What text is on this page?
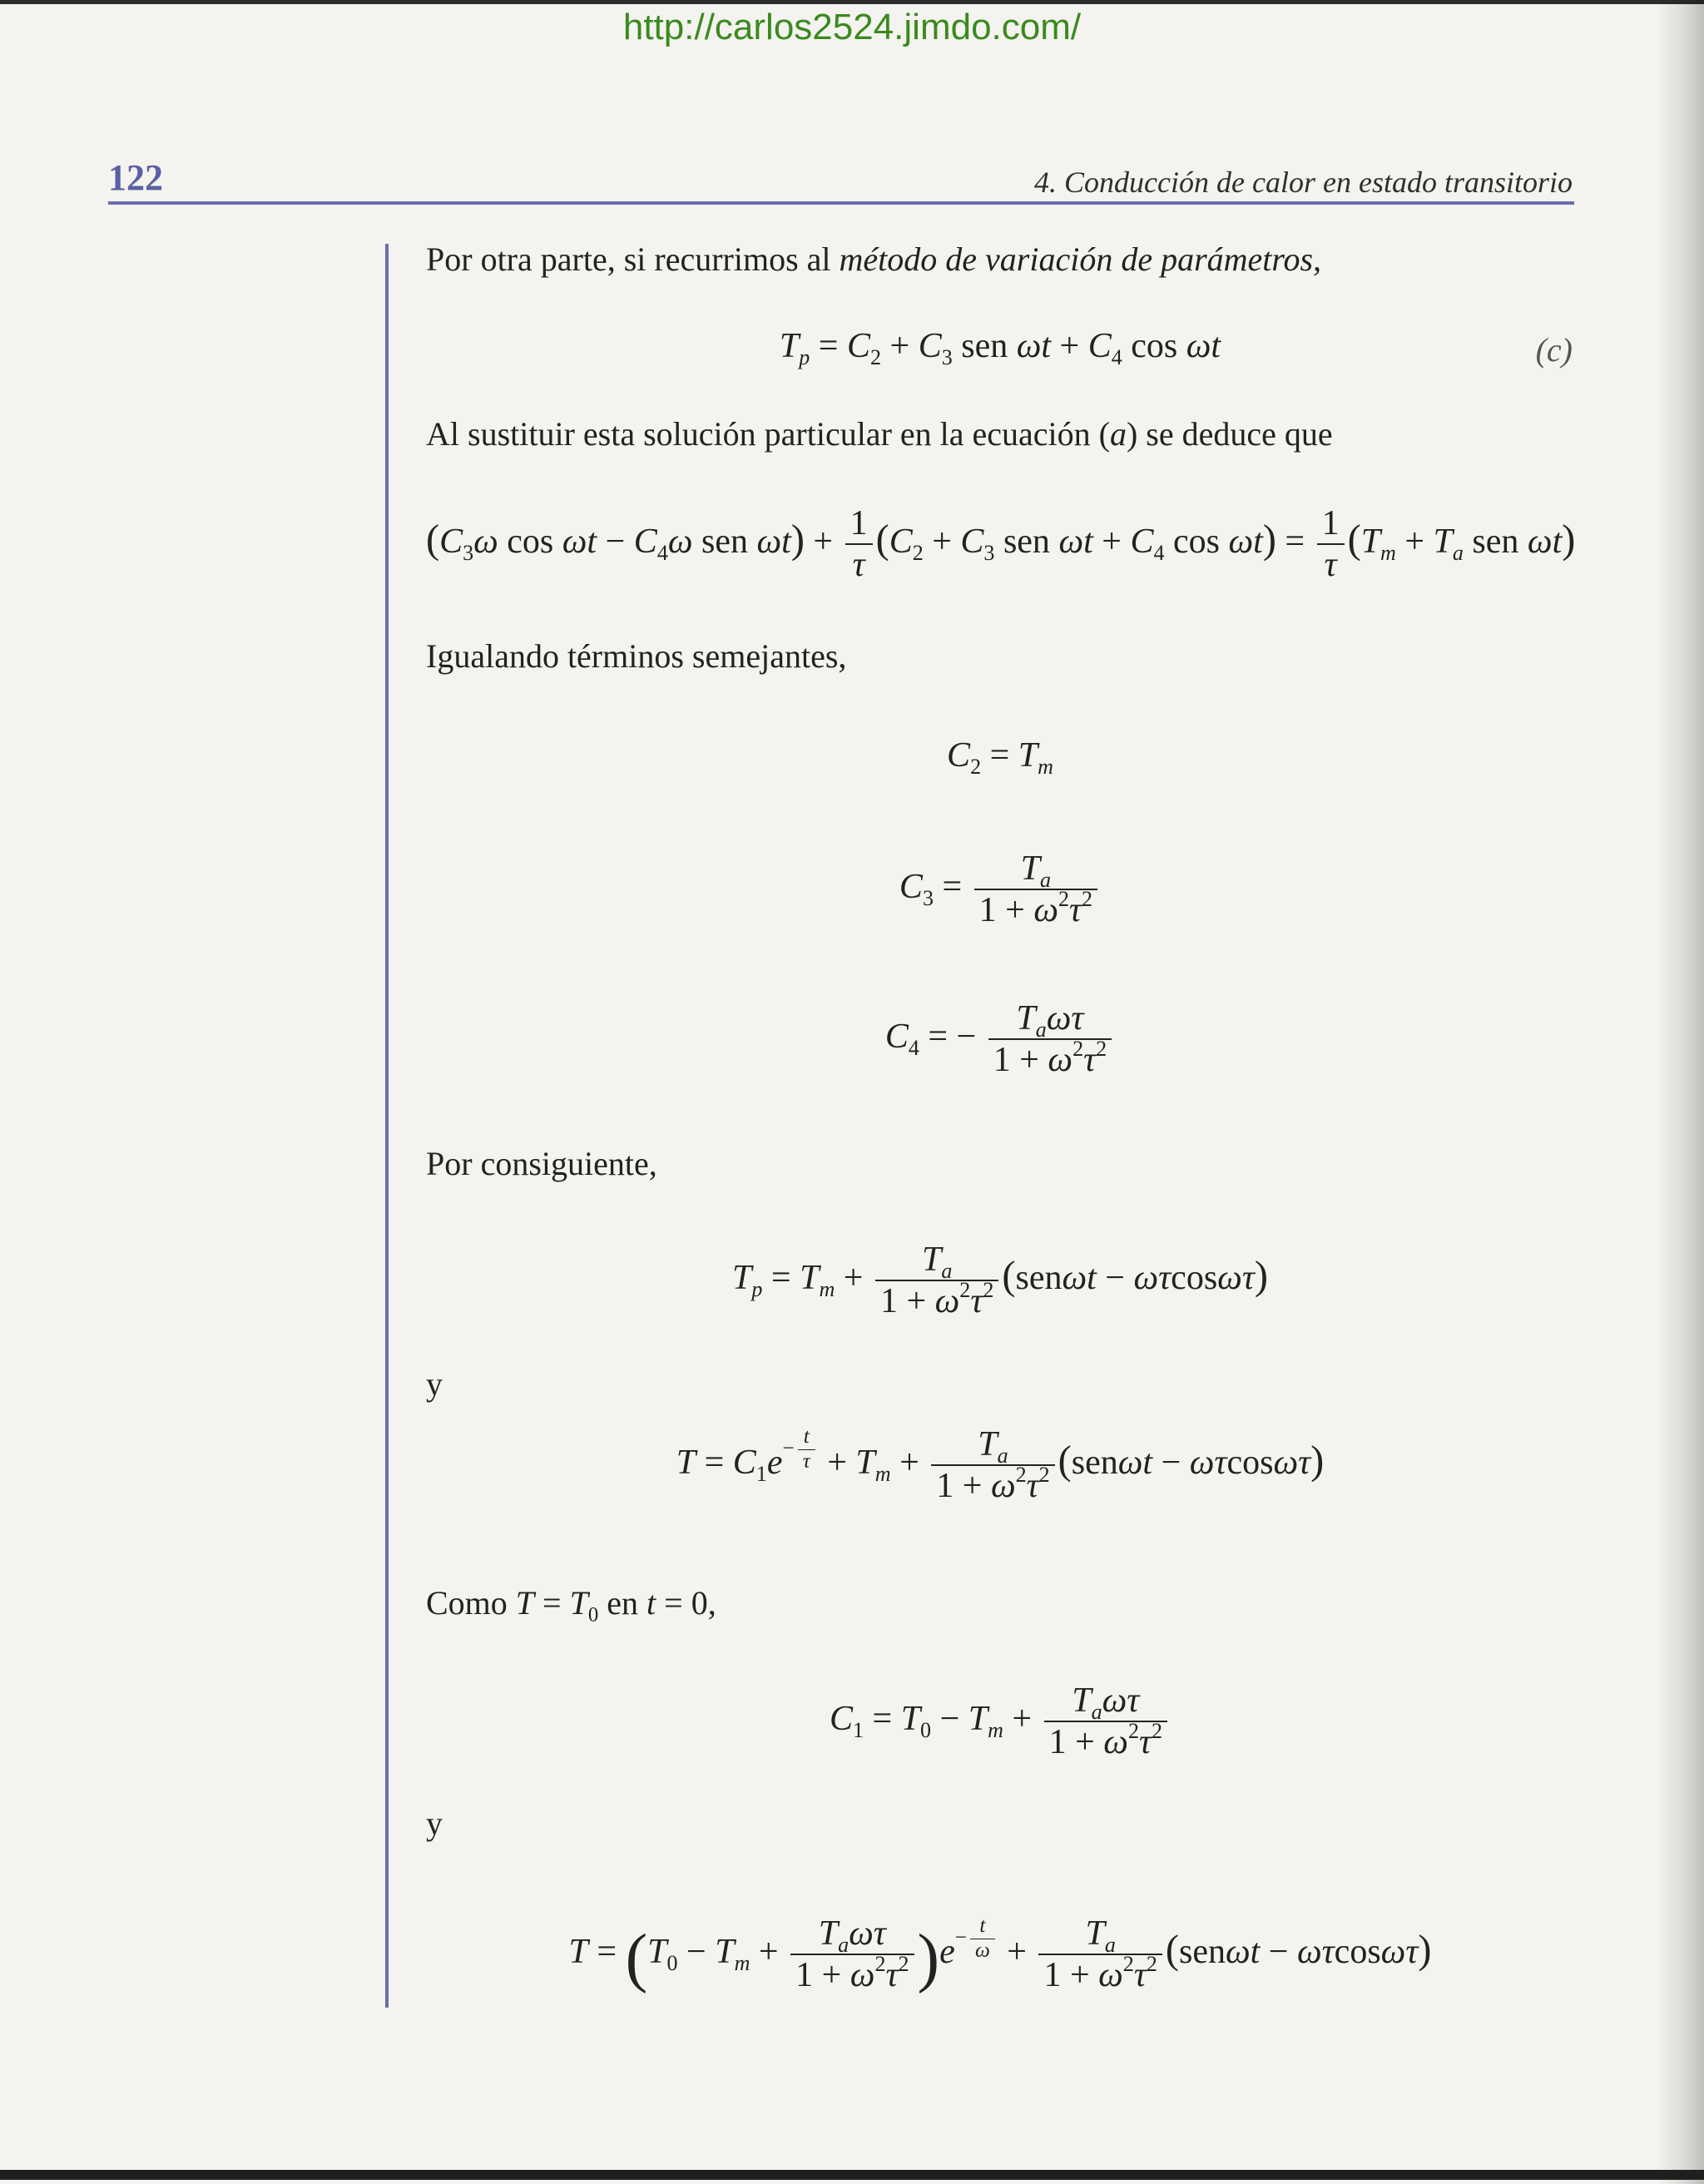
http://carlos2524.jimdo.com/
122	4. Conducción de calor en estado transitorio
Por otra parte, si recurrimos al método de variación de parámetros,
$T_p = C_2 + C_3$ sen $\omega t + C_4$ cos ωt	(c)
Al sustituir esta solución particular en la ecuación (a) se deduce que
($C_3\omega$ $\cos \omega t - C_4\omega$ sen $\omega t) + \frac{1}{\tau} (C_2 + C_3$ sen $\omega t + C_4$ $\cos \omega t) = \frac{1}{\tau} (T_m + T_a$ sen ωt)
Igualando términos semejantes,
$C_2 = T_m$
$C_3 = \frac{T_a}{1 + \omega^2\tau^2}$
$C_4$ = − $\frac{T_a\omega\tau}{1 + \omega^2\tau^2}$
Por consiguiente,
$T_p = T_m + \frac{T_a}{1 + \omega^2\tau^2} (sen\omega t - \omega\tau\cos\omega\tau)$
y
$T = C_1e- \frac{t}{\tau} + T_m + \frac{T_a}{1 + \omega^2\tau^2} (sen\omega t - \omega\tau\cos\omega\tau)$
Como $T = T_0$ en t = 0,
$C_1 = T_0 - T_m + \frac{T_a\omega\tau}{1 + \omega^2\tau^2}$
y
$T = (T_0 - T_m + \frac{T_a\omega\tau}{1 + \omega^2\tau^2} )e- \frac{t}{\omega} + \frac{T_a}{1 + \omega^2\tau^2} (sen\omega t - \omega\tau\cos\omega\tau)$
